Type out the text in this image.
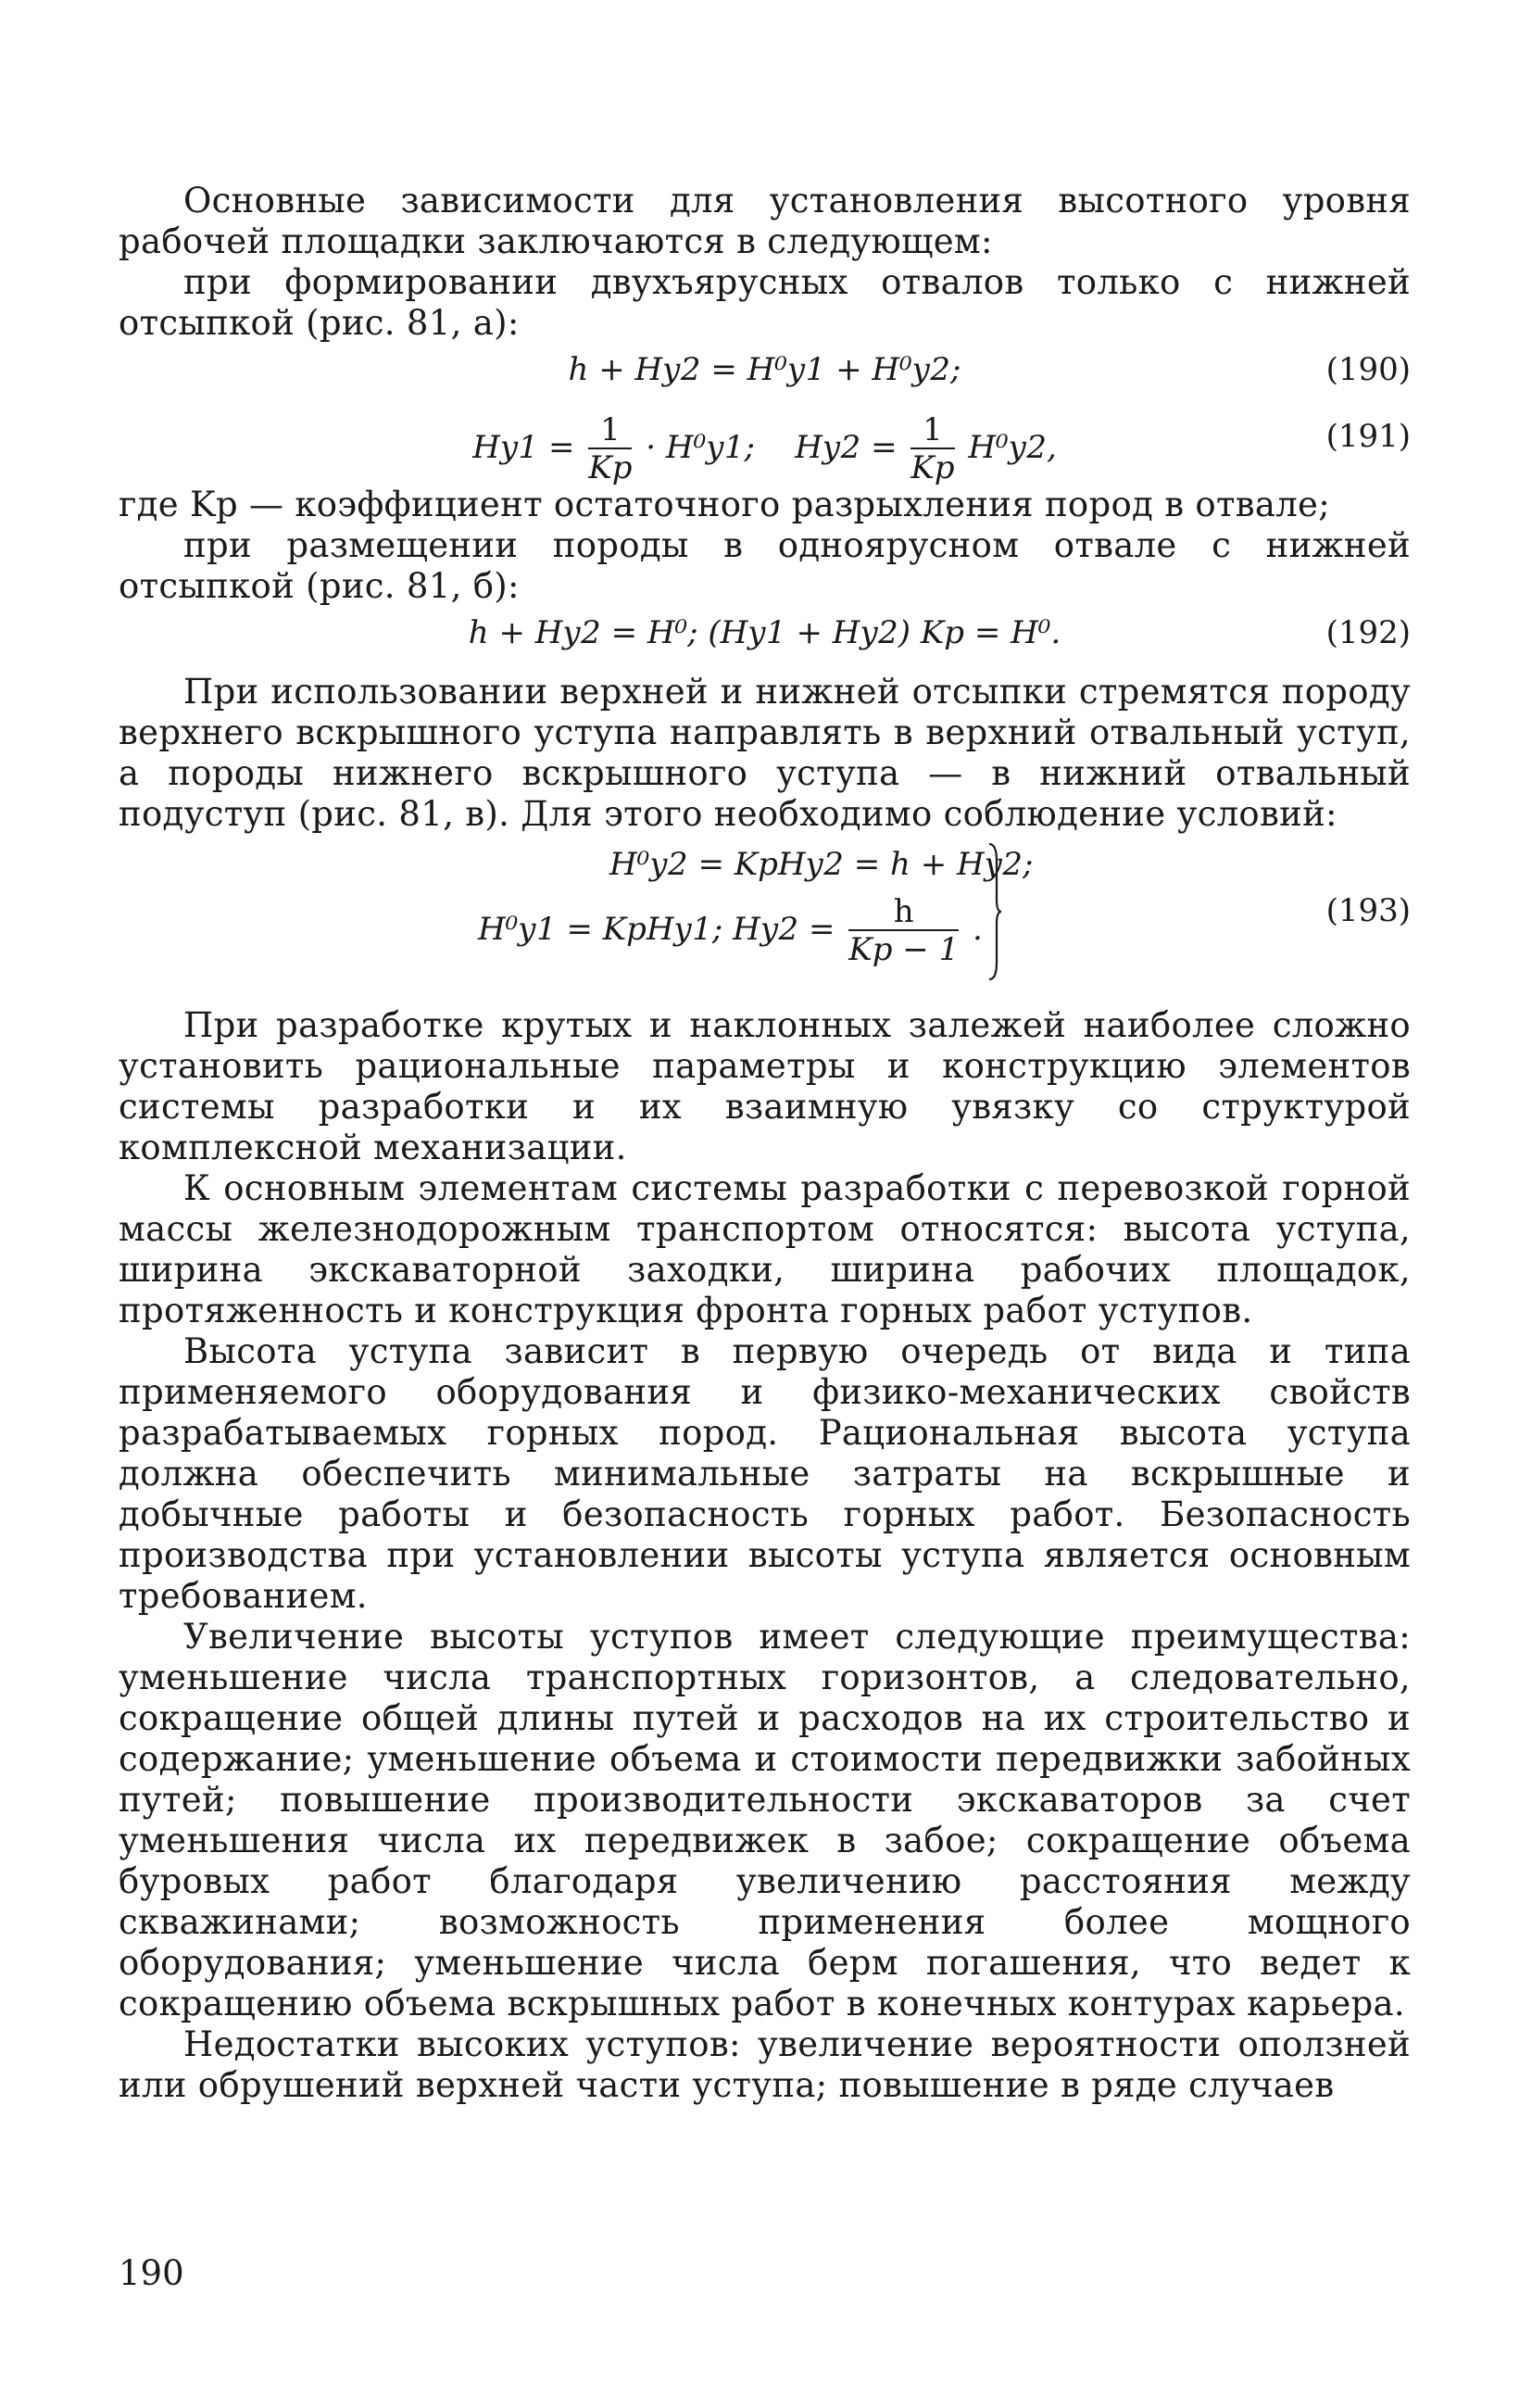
Основные зависимости для установления высотного уровня рабочей площадки заключаются в следующем:

при формировании двухъярусных отвалов только с нижней отсыпкой (рис. 81, а):

h + Hу2 = H⁰у1 + H⁰у2;	(190)
$Hу1 = \frac{1}{Kр} \cdot H^0у1$; $Hу2 = \frac{1}{Kр} H^0у2$,	(191)

где Kр — коэффициент остаточного разрыхления пород в отвале;

при размещении породы в одноярусном отвале с нижней отсыпкой (рис. 81, б):

h + Hу2 = H⁰; (Hу1 + Hу2) Kр = H⁰.	(192)

При использовании верхней и нижней отсыпки стремятся породу верхнего вскрышного уступа направлять в верхний отвальный уступ, а породы нижнего вскрышного уступа — в нижний отвальный подуступ (рис. 81, в). Для этого необходимо соблюдение условий:

H⁰у2 = KрHу2 = h + Hу2;
H⁰у1 = KрHу1; $Hу2 = \frac{h}{Kр - 1}$ .	(193)

При разработке крутых и наклонных залежей наиболее сложно установить рациональные параметры и конструкцию элементов системы разработки и их взаимную увязку со структурой комплексной механизации.

К основным элементам системы разработки с перевозкой горной массы железнодорожным транспортом относятся: высота уступа, ширина экскаваторной заходки, ширина рабочих площадок, протяженность и конструкция фронта горных работ уступов.

Высота уступа зависит в первую очередь от вида и типа применяемого оборудования и физико-механических свойств разрабатываемых горных пород. Рациональная высота уступа должна обеспечить минимальные затраты на вскрышные и добычные работы и безопасность горных работ. Безопасность производства при установлении высоты уступа является основным требованием.

Увеличение высоты уступов имеет следующие преимущества: уменьшение числа транспортных горизонтов, а следовательно, сокращение общей длины путей и расходов на их строительство и содержание; уменьшение объема и стоимости передвижки забойных путей; повышение производительности экскаваторов за счет уменьшения числа их передвижек в забое; сокращение объема буровых работ благодаря увеличению расстояния между скважинами; возможность применения более мощного оборудования; уменьшение числа берм погашения, что ведет к сокращению объема вскрышных работ в конечных контурах карьера.

Недостатки высоких уступов: увеличение вероятности оползней или обрушений верхней части уступа; повышение в ряде случаев

190
